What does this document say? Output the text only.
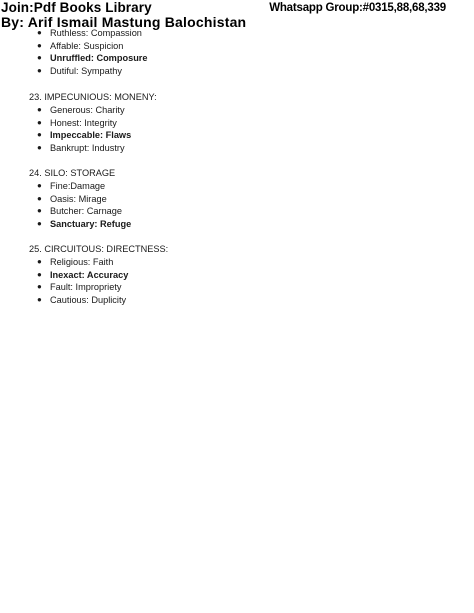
Join:Pdf Books Library
By: Arif Ismail Mastung Balochistan
Whatsapp Group:#0315,88,68,339
● Ruthless: Compassion
● Affable: Suspicion
● Unruffled: Composure
● Dutiful: Sympathy
23. IMPECUNIOUS: MONENY:
● Generous: Charity
● Honest: Integrity
● Impeccable: Flaws
● Bankrupt: Industry
24. SILO: STORAGE
● Fine:Damage
● Oasis: Mirage
● Butcher: Carnage
● Sanctuary: Refuge
25. CIRCUITOUS: DIRECTNESS:
● Religious: Faith
● Inexact: Accuracy
● Fault: Impropriety
● Cautious: Duplicity
